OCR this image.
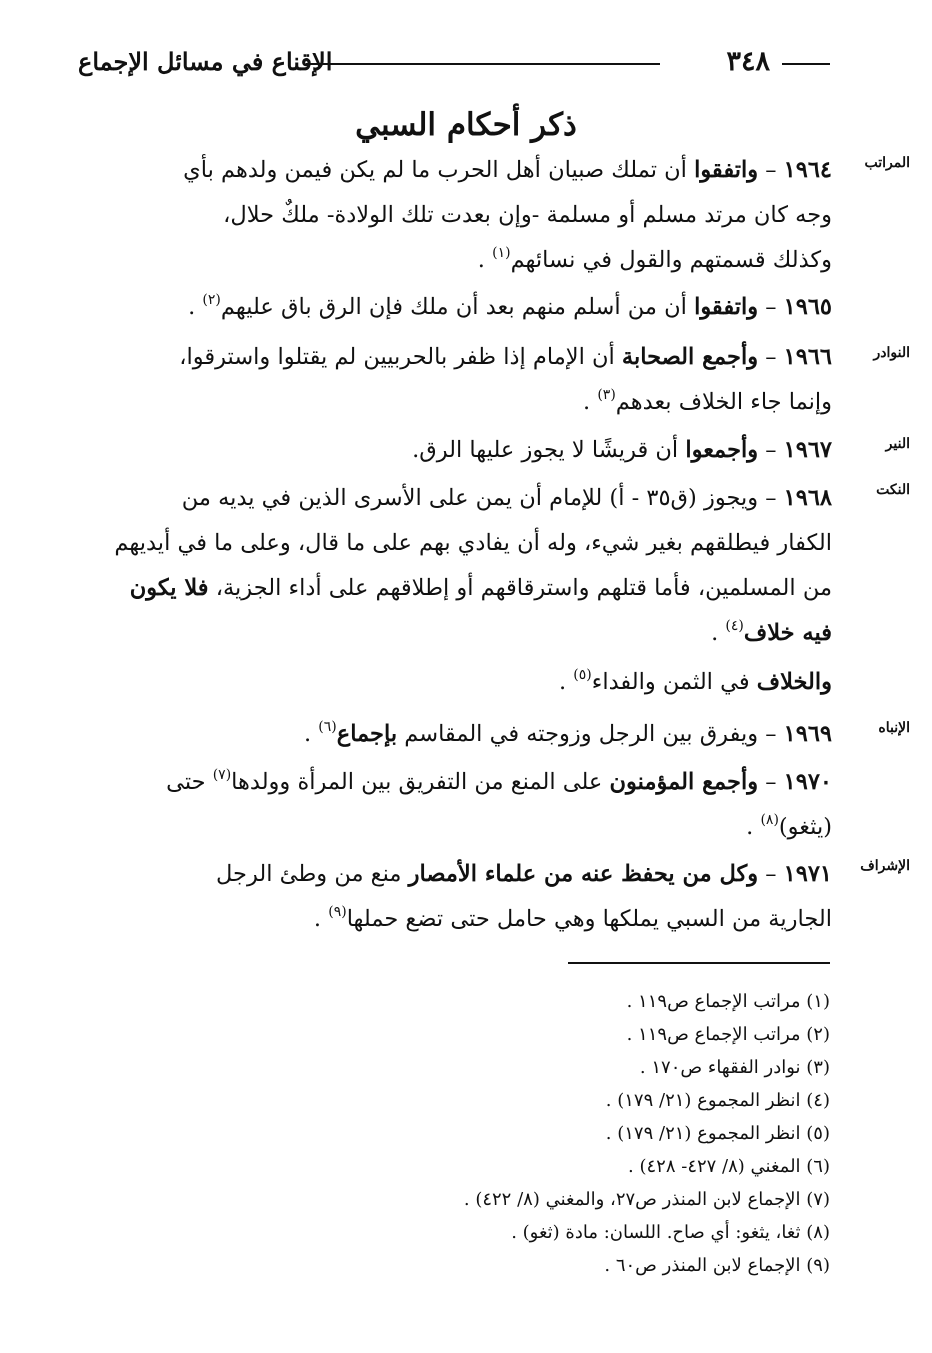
٣٤٨
الإقناع في مسائل الإجماع
ذكر أحكام السبي
المراتب
النوادر
النير
النكت
الإنباه
الإشراف
١٩٦٤ – واتفقوا أن تملك صبيان أهل الحرب ما لم يكن فيمن ولدهم بأي
وجه كان مرتد مسلم أو مسلمة -وإن بعدت تلك الولادة- ملكٌ حلال،
وكذلك قسمتهم والقول في نسائهم$^{(١)}$ .
١٩٦٥ – واتفقوا أن من أسلم منهم بعد أن ملك فإن الرق باق عليهم$^{(٢)}$ .
١٩٦٦ – وأجمع الصحابة أن الإمام إذا ظفر بالحربيين لم يقتلوا واسترقوا،
وإنما جاء الخلاف بعدهم$^{(٣)}$ .
١٩٦٧ – وأجمعوا أن قريشًا لا يجوز عليها الرق.
١٩٦٨ – ويجوز (ق٣٥ - أ) للإمام أن يمن على الأسرى الذين في يديه من
الكفار فيطلقهم بغير شيء، وله أن يفادي بهم على ما قال، وعلى ما في أيديهم
من المسلمين، فأما قتلهم واسترقاقهم أو إطلاقهم على أداء الجزية، فلا يكون
فيه خلاف$^{(٤)}$ .
والخلاف في الثمن والفداء$^{(٥)}$ .
١٩٦٩ – ويفرق بين الرجل وزوجته في المقاسم بإجماع$^{(٦)}$ .
١٩٧٠ – وأجمع المؤمنون على المنع من التفريق بين المرأة وولدها$^{(٧)}$ حتى
(يثغو)$^{(٨)}$ .
١٩٧١ – وكل من يحفظ عنه من علماء الأمصار منع من وطئ الرجل
الجارية من السبي يملكها وهي حامل حتى تضع حملها$^{(٩)}$ .
(١) مراتب الإجماع ص١١٩ .
(٢) مراتب الإجماع ص١١٩ .
(٣) نوادر الفقهاء ص١٧٠ .
(٤) انظر المجموع (٢١/ ١٧٩) .
(٥) انظر المجموع (٢١/ ١٧٩) .
(٦) المغني (٨/ ٤٢٧- ٤٢٨) .
(٧) الإجماع لابن المنذر ص٢٧، والمغني (٨/ ٤٢٢) .
(٨) ثغا، يثغو: أي صاح. اللسان: مادة (ثغو) .
(٩) الإجماع لابن المنذر ص٦٠ .
